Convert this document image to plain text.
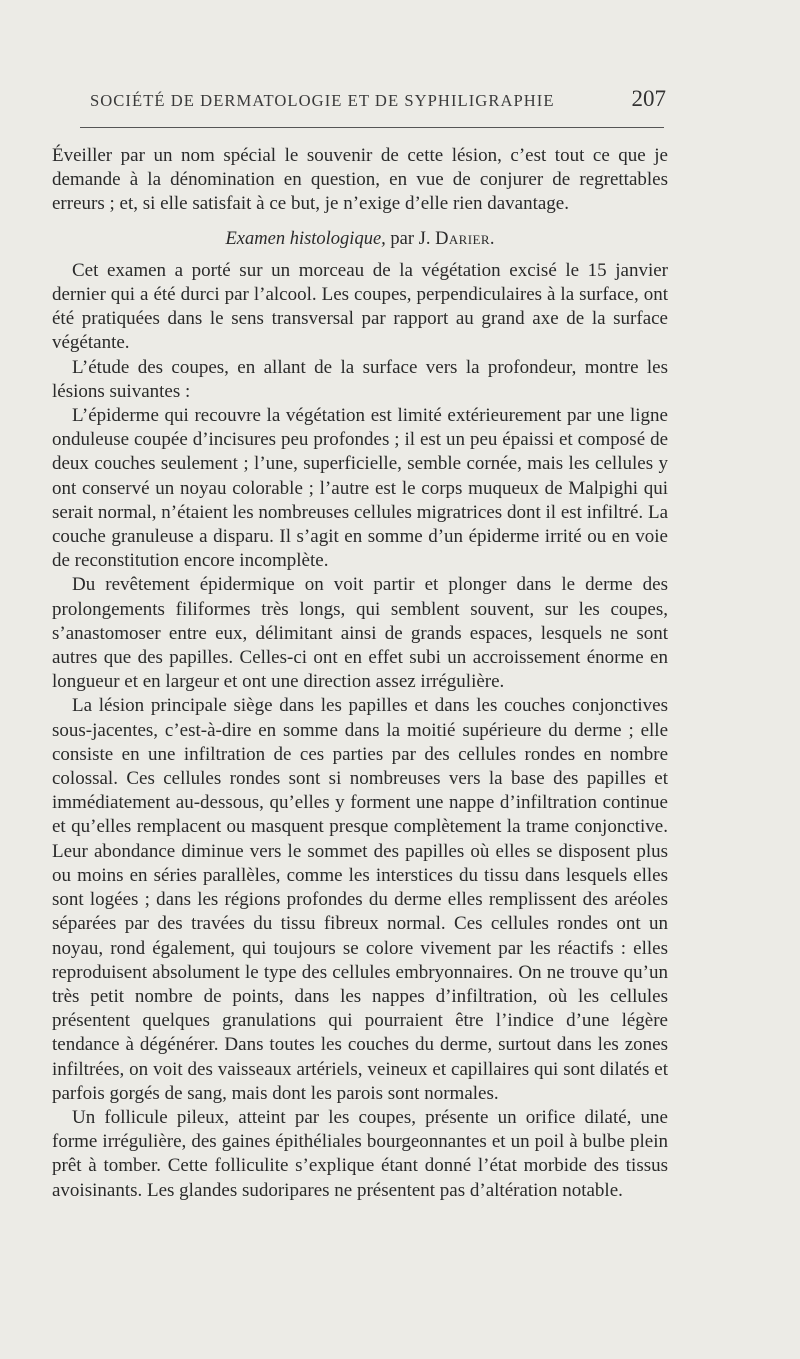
SOCIÉTÉ DE DERMATOLOGIE ET DE SYPHILIGRAPHIE	207

Éveiller par un nom spécial le souvenir de cette lésion, c’est tout ce que je demande à la dénomination en question, en vue de conjurer de regrettables erreurs ; et, si elle satisfait à ce but, je n’exige d’elle rien davantage.

Examen histologique, par J. Darier.

Cet examen a porté sur un morceau de la végétation excisé le 15 janvier dernier qui a été durci par l’alcool. Les coupes, perpendiculaires à la surface, ont été pratiquées dans le sens transversal par rapport au grand axe de la surface végétante.

L’étude des coupes, en allant de la surface vers la profondeur, montre les lésions suivantes :

L’épiderme qui recouvre la végétation est limité extérieurement par une ligne onduleuse coupée d’incisures peu profondes ; il est un peu épaissi et composé de deux couches seulement ; l’une, superficielle, semble cornée, mais les cellules y ont conservé un noyau colorable ; l’autre est le corps muqueux de Malpighi qui serait normal, n’étaient les nombreuses cellules migratrices dont il est infiltré. La couche granuleuse a disparu. Il s’agit en somme d’un épiderme irrité ou en voie de reconstitution encore incomplète.

Du revêtement épidermique on voit partir et plonger dans le derme des prolongements filiformes très longs, qui semblent souvent, sur les coupes, s’anastomoser entre eux, délimitant ainsi de grands espaces, lesquels ne sont autres que des papilles. Celles-ci ont en effet subi un accroissement énorme en longueur et en largeur et ont une direction assez irrégulière.

La lésion principale siège dans les papilles et dans les couches conjonctives sous-jacentes, c’est-à-dire en somme dans la moitié supérieure du derme ; elle consiste en une infiltration de ces parties par des cellules rondes en nombre colossal. Ces cellules rondes sont si nombreuses vers la base des papilles et immédiatement au-dessous, qu’elles y forment une nappe d’infiltration continue et qu’elles remplacent ou masquent presque complètement la trame conjonctive. Leur abondance diminue vers le sommet des papilles où elles se disposent plus ou moins en séries parallèles, comme les interstices du tissu dans lesquels elles sont logées ; dans les régions profondes du derme elles remplissent des aréoles séparées par des travées du tissu fibreux normal. Ces cellules rondes ont un noyau, rond également, qui toujours se colore vivement par les réactifs : elles reproduisent absolument le type des cellules embryonnaires. On ne trouve qu’un très petit nombre de points, dans les nappes d’infiltration, où les cellules présentent quelques granulations qui pourraient être l’indice d’une légère tendance à dégénérer. Dans toutes les couches du derme, surtout dans les zones infiltrées, on voit des vaisseaux artériels, veineux et capillaires qui sont dilatés et parfois gorgés de sang, mais dont les parois sont normales.

Un follicule pileux, atteint par les coupes, présente un orifice dilaté, une forme irrégulière, des gaines épithéliales bourgeonnantes et un poil à bulbe plein prêt à tomber. Cette folliculite s’explique étant donné l’état morbide des tissus avoisinants. Les glandes sudoripares ne présentent pas d’altération notable.
